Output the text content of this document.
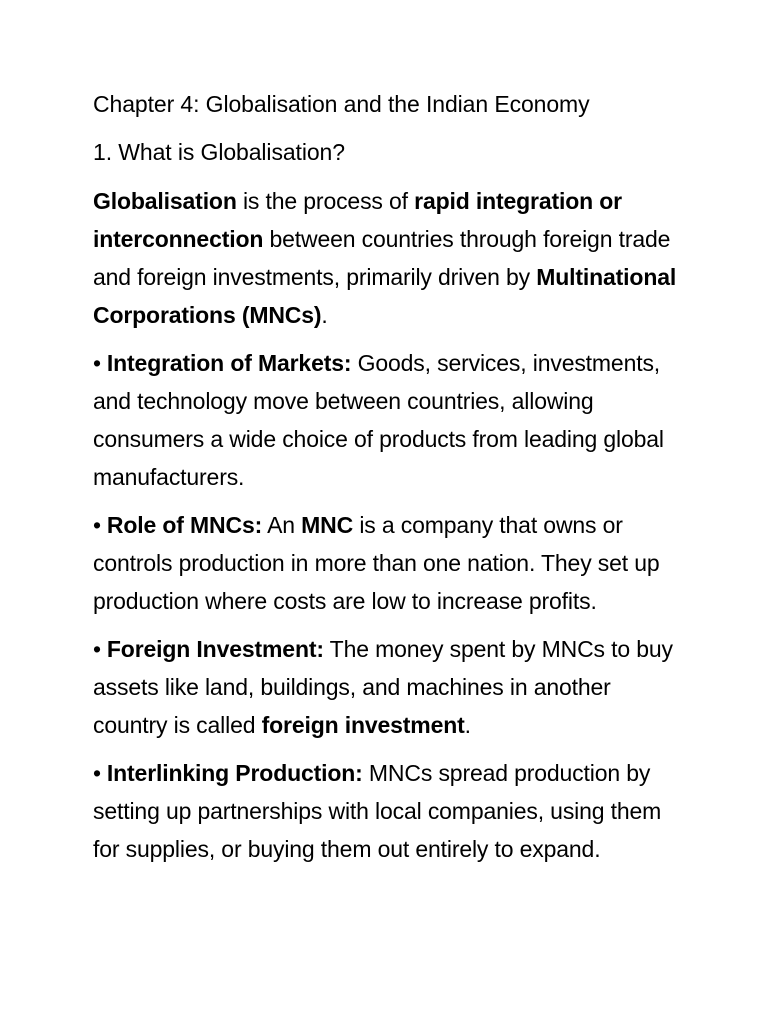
Chapter 4: Globalisation and the Indian Economy
1. What is Globalisation?

Globalisation is the process of rapid integration or interconnection between countries through foreign trade and foreign investments, primarily driven by Multinational Corporations (MNCs).

• Integration of Markets: Goods, services, investments, and technology move between countries, allowing consumers a wide choice of products from leading global manufacturers.

• Role of MNCs: An MNC is a company that owns or controls production in more than one nation. They set up production where costs are low to increase profits.

• Foreign Investment: The money spent by MNCs to buy assets like land, buildings, and machines in another country is called foreign investment.

• Interlinking Production: MNCs spread production by setting up partnerships with local companies, using them for supplies, or buying them out entirely to expand.
